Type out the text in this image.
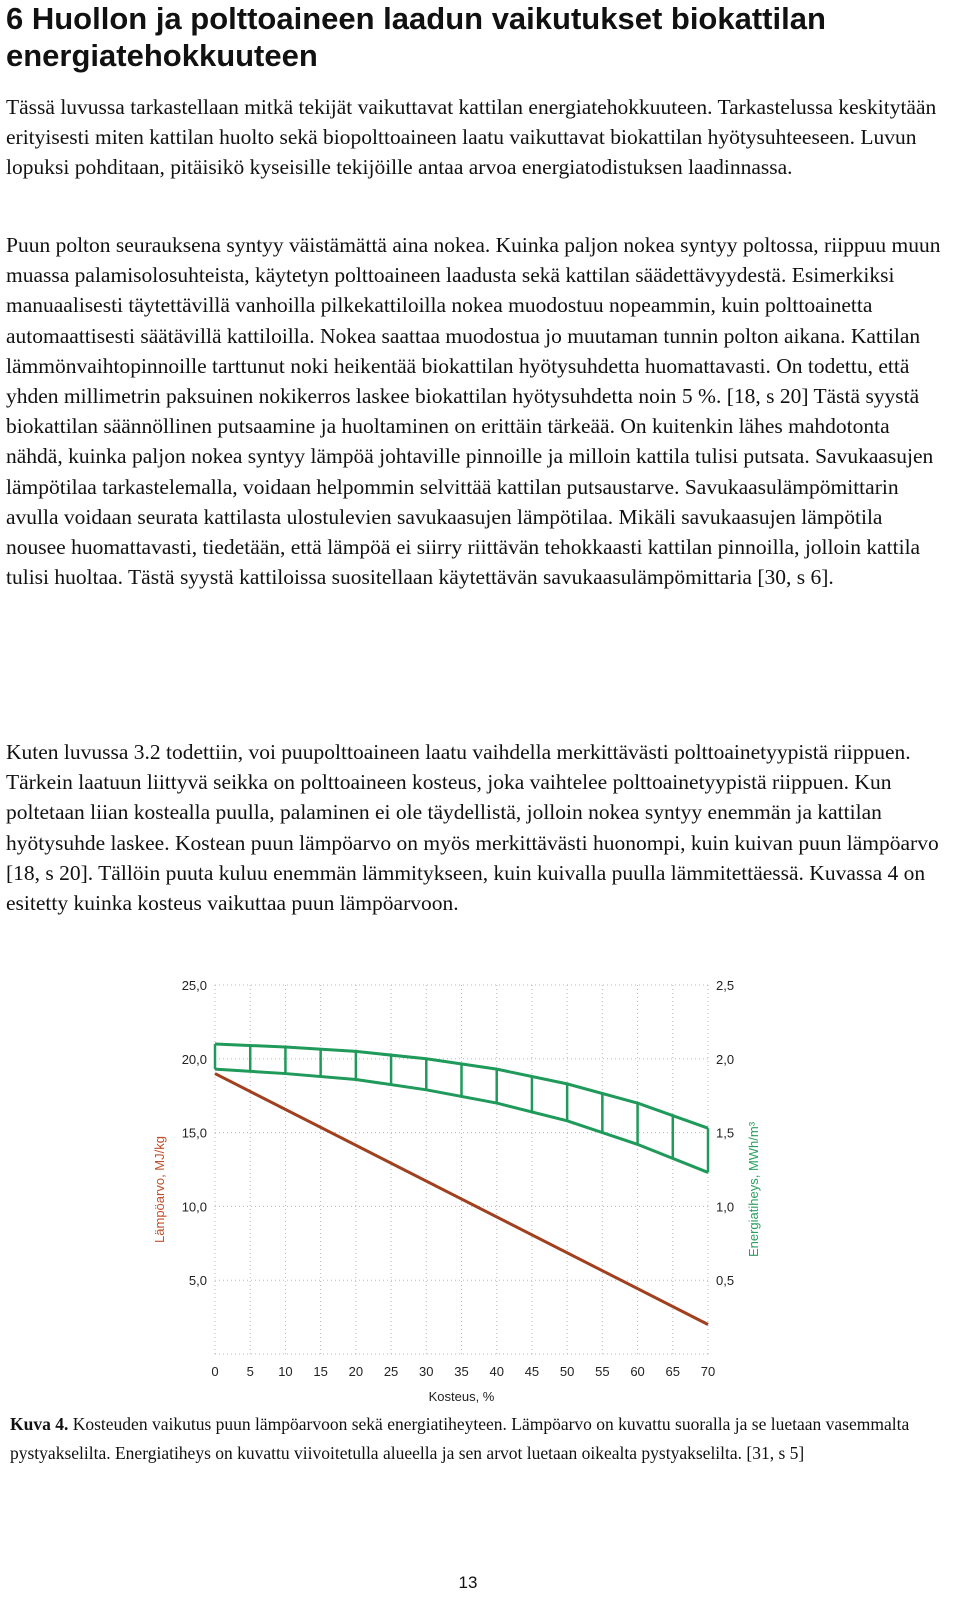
6 Huollon ja polttoaineen laadun vaikutukset biokattilan energiatehokkuuteen

Tässä luvussa tarkastellaan mitkä tekijät vaikuttavat kattilan energiatehokkuuteen. Tarkastelussa keskitytään erityisesti miten kattilan huolto sekä biopolttoaineen laatu vaikuttavat biokattilan hyötysuhteeseen. Luvun lopuksi pohditaan, pitäisikö kyseisille tekijöille antaa arvoa energiatodistuksen laadinnassa.

Puun polton seurauksena syntyy väistämättä aina nokea. Kuinka paljon nokea syntyy poltossa, riippuu muun muassa palamisolosuhteista, käytetyn polttoaineen laadusta sekä kattilan säädettävyydestä. Esimerkiksi manuaalisesti täytettävillä vanhoilla pilkekattiloilla nokea muodostuu nopeammin, kuin polttoainetta automaattisesti säätävillä kattiloilla. Nokea saattaa muodostua jo muutaman tunnin polton aikana. Kattilan lämmönvaihtopinnoille tarttunut noki heikentää biokattilan hyötysuhdetta huomattavasti. On todettu, että yhden millimetrin paksuinen nokikerros laskee biokattilan hyötysuhdetta noin 5 %. [18, s 20] Tästä syystä biokattilan säännöllinen putsaamine ja huoltaminen on erittäin tärkeää. On kuitenkin lähes mahdotonta nähdä, kuinka paljon nokea syntyy lämpöä johtaville pinnoille ja milloin kattila tulisi putsata. Savukaasujen lämpötilaa tarkastelemalla, voidaan helpommin selvittää kattilan putsaustarve. Savukaasulämpömittarin avulla voidaan seurata kattilasta ulostulevien savukaasujen lämpötilaa. Mikäli savukaasujen lämpötila nousee huomattavasti, tiedetään, että lämpöä ei siirry riittävän tehokkaasti kattilan pinnoilla, jolloin kattila tulisi huoltaa. Tästä syystä kattiloissa suositellaan käytettävän savukaasulämpömittaria [30, s 6].

Kuten luvussa 3.2 todettiin, voi puupolttoaineen laatu vaihdella merkittävästi polttoainetyypistä riippuen. Tärkein laatuun liittyvä seikka on polttoaineen kosteus, joka vaihtelee polttoainetyypistä riippuen. Kun poltetaan liian kostealla puulla, palaminen ei ole täydellistä, jolloin nokea syntyy enemmän ja kattilan hyötysuhde laskee. Kostean puun lämpöarvo on myös merkittävästi huonompi, kuin kuivan puun lämpöarvo [18, s 20]. Tällöin puuta kuluu enemmän lämmitykseen, kuin kuivalla puulla lämmitettäessä. Kuvassa 4 on esitetty kuinka kosteus vaikuttaa puun lämpöarvoon.

0 5 10 15 20 25 30 35 40 45 50 55 60 65 70
5,0
10,0
15,0
20,0
25,0
0,5
1,0
1,5
2,0
2,5
Kosteus, %
Lämpöarvo, MJ/kg	Energiatiheys, MWh/m³

Kuva 4. Kosteuden vaikutus puun lämpöarvoon sekä energiatiheyteen. Lämpöarvo on kuvattu suoralla ja se luetaan vasemmalta pystyakselilta. Energiatiheys on kuvattu viivoitetulla alueella ja sen arvot luetaan oikealta pystyakselilta. [31, s 5]

13
